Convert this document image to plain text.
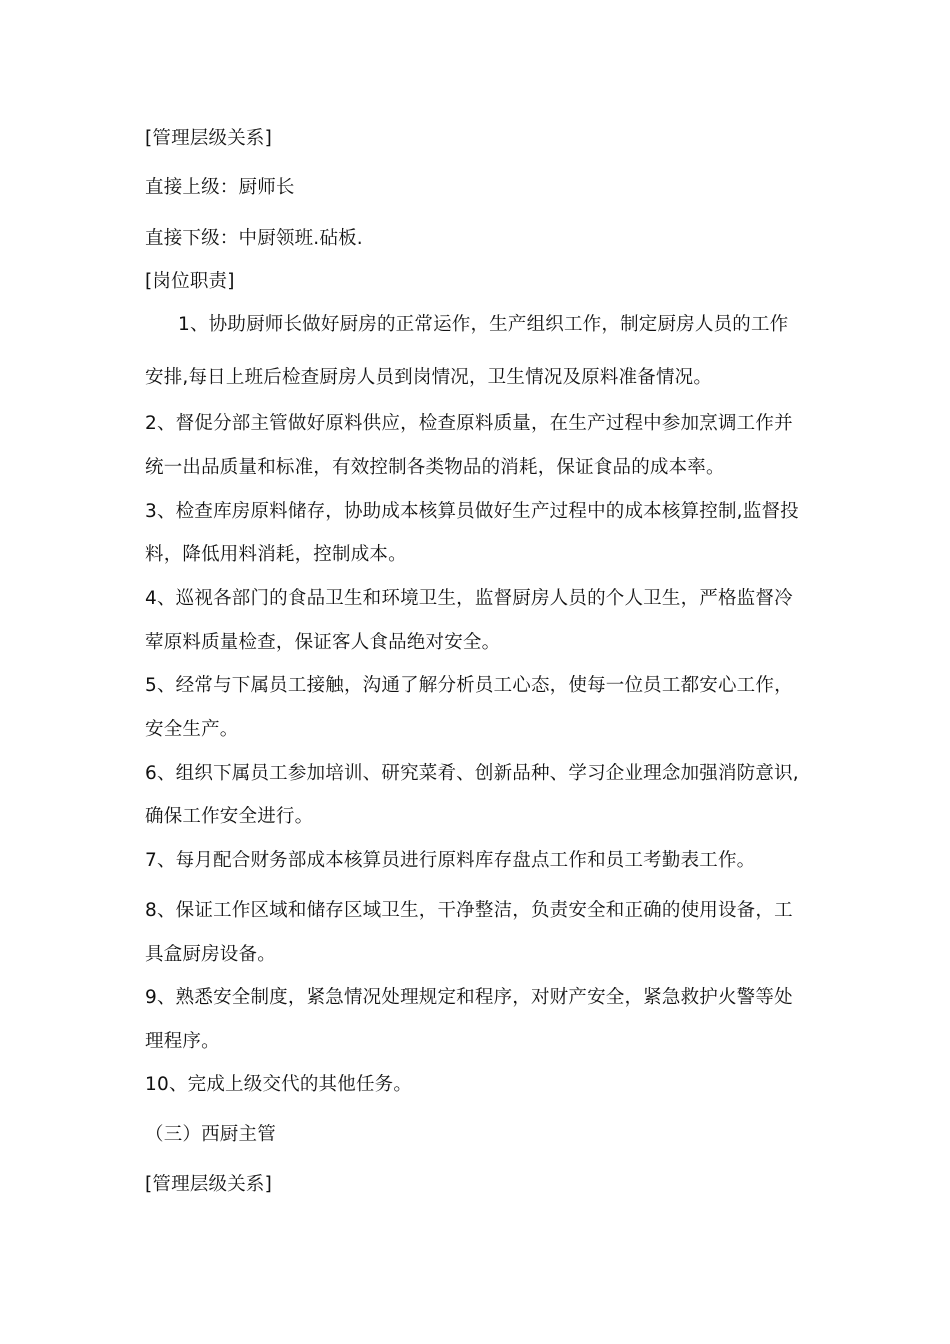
[管理层级关系]
直接上级：厨师长
直接下级：中厨领班.砧板.
[岗位职责]
1、协助厨师长做好厨房的正常运作，生产组织工作，制定厨房人员的工作
安排,每日上班后检查厨房人员到岗情况，卫生情况及原料准备情况。
2、督促分部主管做好原料供应，检查原料质量，在生产过程中参加烹调工作并
统一出品质量和标准，有效控制各类物品的消耗，保证食品的成本率。
3、检查库房原料储存，协助成本核算员做好生产过程中的成本核算控制,监督投
料，降低用料消耗，控制成本。
4、巡视各部门的食品卫生和环境卫生，监督厨房人员的个人卫生，严格监督冷
荤原料质量检查，保证客人食品绝对安全。
5、经常与下属员工接触，沟通了解分析员工心态，使每一位员工都安心工作，
安全生产。
6、组织下属员工参加培训、研究菜肴、创新品种、学习企业理念加强消防意识,
确保工作安全进行。
7、每月配合财务部成本核算员进行原料库存盘点工作和员工考勤表工作。
8、保证工作区域和储存区域卫生，干净整洁，负责安全和正确的使用设备，工
具盒厨房设备。
9、熟悉安全制度，紧急情况处理规定和程序，对财产安全，紧急救护火警等处
理程序。
10、完成上级交代的其他任务。
（三）西厨主管
[管理层级关系]
